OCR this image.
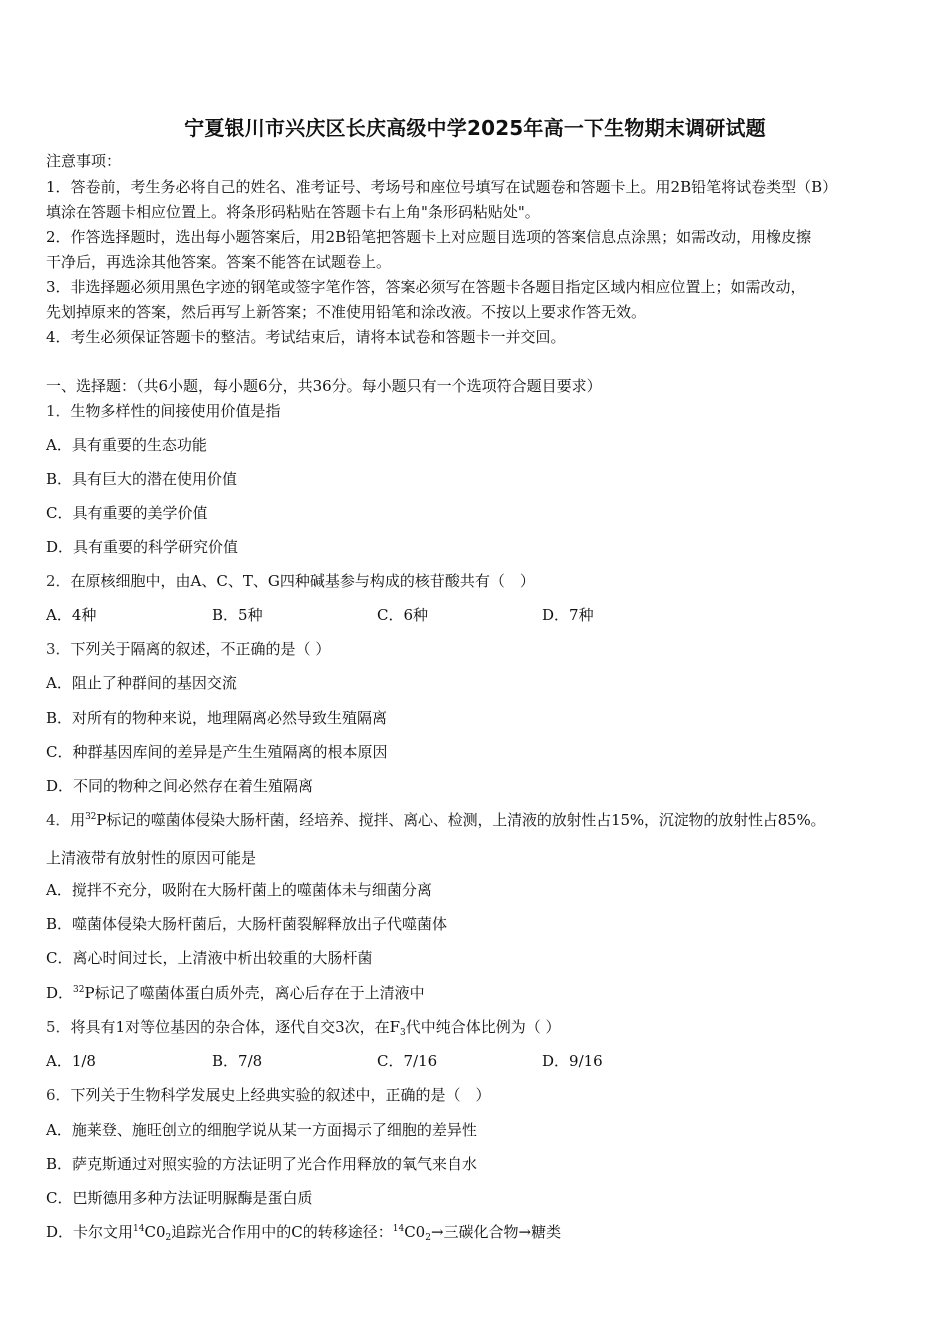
宁夏银川市兴庆区长庆高级中学2025年高一下生物期末调研试题
注意事项：
1．答卷前，考生务必将自己的姓名、准考证号、考场号和座位号填写在试题卷和答题卡上。用2B铅笔将试卷类型（B）
填涂在答题卡相应位置上。将条形码粘贴在答题卡右上角"条形码粘贴处"。
2．作答选择题时，选出每小题答案后，用2B铅笔把答题卡上对应题目选项的答案信息点涂黑；如需改动，用橡皮擦
干净后，再选涂其他答案。答案不能答在试题卷上。
3．非选择题必须用黑色字迹的钢笔或签字笔作答，答案必须写在答题卡各题目指定区域内相应位置上；如需改动，
先划掉原来的答案，然后再写上新答案；不准使用铅笔和涂改液。不按以上要求作答无效。
4．考生必须保证答题卡的整洁。考试结束后，请将本试卷和答题卡一并交回。
一、选择题：（共6小题，每小题6分，共36分。每小题只有一个选项符合题目要求）
1．生物多样性的间接使用价值是指
A．具有重要的生态功能
B．具有巨大的潜在使用价值
C．具有重要的美学价值
D．具有重要的科学研究价值
2．在原核细胞中，由A、C、T、G四种碱基参与构成的核苷酸共有（　）
A．4种	B．5种	C．6种	D．7种
3．下列关于隔离的叙述，不正确的是（ ）
A．阻止了种群间的基因交流
B．对所有的物种来说，地理隔离必然导致生殖隔离
C．种群基因库间的差异是产生生殖隔离的根本原因
D．不同的物种之间必然存在着生殖隔离
4．用$^{32}$P标记的噬菌体侵染大肠杆菌，经培养、搅拌、离心、检测，上清液的放射性占15%，沉淀物的放射性占85%。
上清液带有放射性的原因可能是
A．搅拌不充分，吸附在大肠杆菌上的噬菌体未与细菌分离
B．噬菌体侵染大肠杆菌后，大肠杆菌裂解释放出子代噬菌体
C．离心时间过长，上清液中析出较重的大肠杆菌
D．$^{32}$P标记了噬菌体蛋白质外壳，离心后存在于上清液中
5．将具有1对等位基因的杂合体，逐代自交3次，在$F_3$代中纯合体比例为（ ）
A．1/8	B．7/8	C．7/16	D．9/16
6．下列关于生物科学发展史上经典实验的叙述中，正确的是（　）
A．施莱登、施旺创立的细胞学说从某一方面揭示了细胞的差异性
B．萨克斯通过对照实验的方法证明了光合作用释放的氧气来自水
C．巴斯德用多种方法证明脲酶是蛋白质
D．卡尔文用$^{14}C0_2$追踪光合作用中的C的转移途径：$^{14}C0_2\to$三碳化合物→糖类
